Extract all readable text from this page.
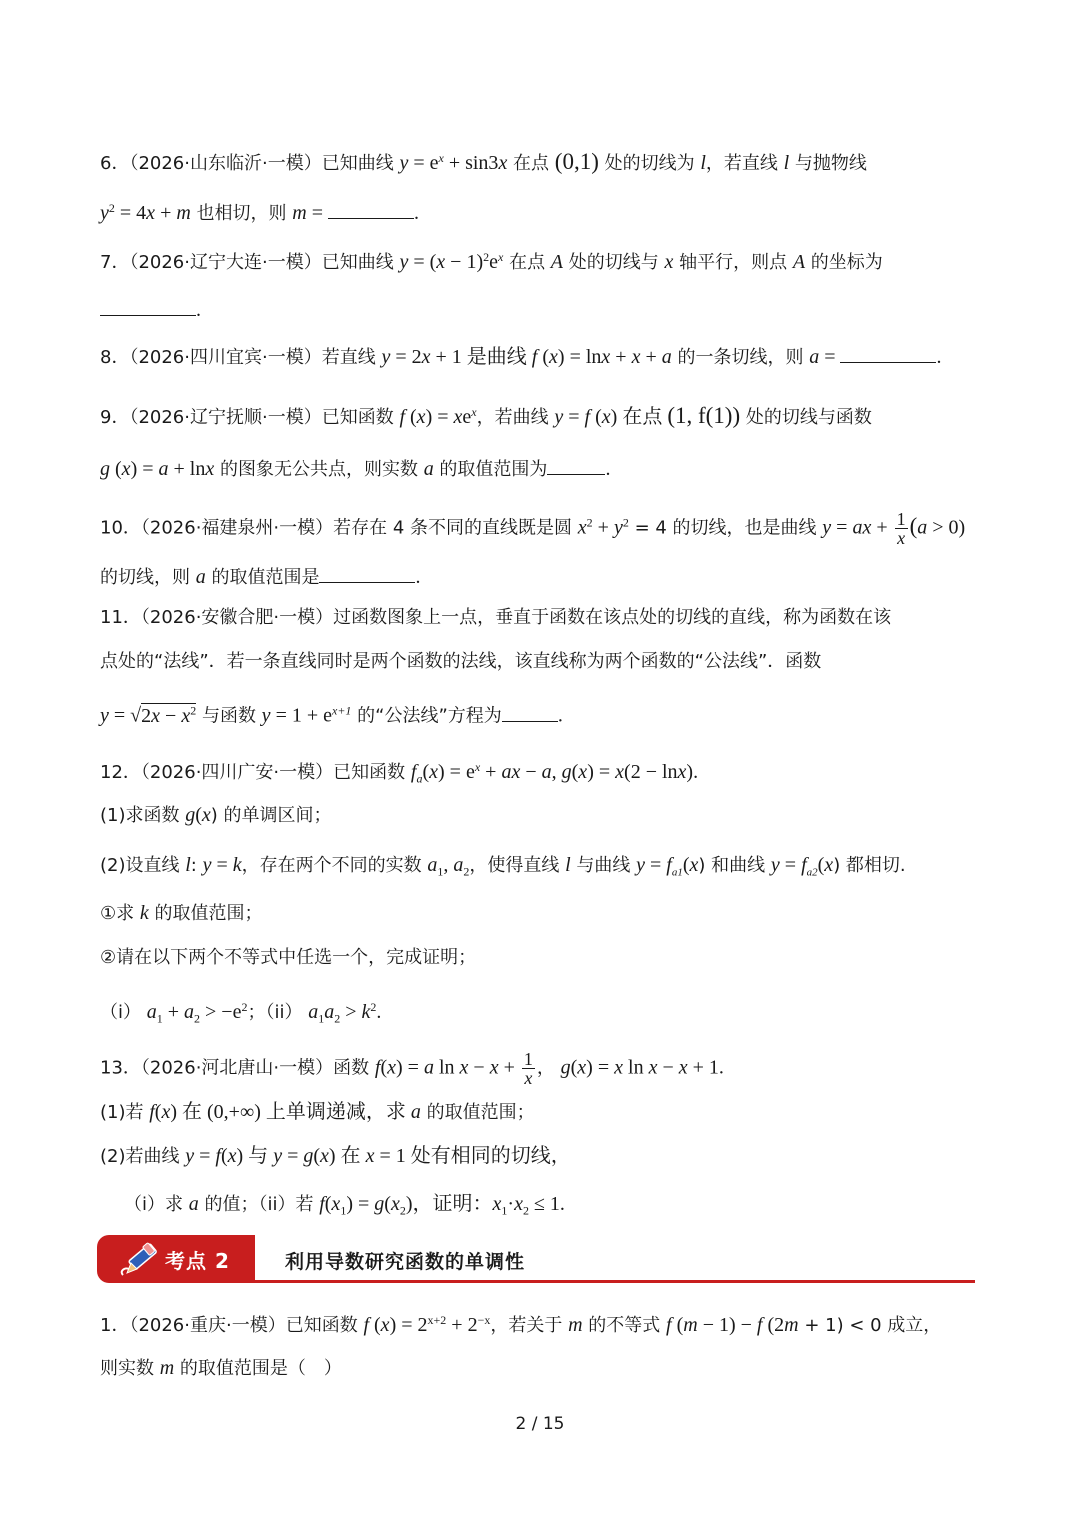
6．（2026·山东临沂·一模）已知曲线 $y = e^x + \sin 3x$ 在点 (0,1) 处的切线为 l，若直线 l 与抛物线
$y^2 = 4x + m$ 也相切，则 m =	.
7．（2026·辽宁大连·一模）已知曲线 $y = (x - 1)^2e^x$ 在点 A 处的切线与 x 轴平行，则点 A 的坐标为
.
8．（2026·四川宜宾·一模）若直线 y = 2x + 1 是曲线 f (x) = lnx + x + a 的一条切线，则 a =	.
9．（2026·辽宁抚顺·一模）已知函数 f $(x) = xe^x$，若曲线 y = f (x) 在点 (1, f(1)) 处的切线与函数
g (x) = a + lnx 的图象无公共点，则实数 a 的取值范围为	.
10．（2026·福建泉州·一模）若存在 4 条不同的直线既是圆 $x^2 + y^2 = 4$ 的切线，也是曲线 y = ax + $\frac{1}{x} (a > 0)$
的切线，则 a 的取值范围是	.
11．（2026·安徽合肥·一模）过函数图象上一点，垂直于函数在该点处的切线的直线，称为函数在该
点处的“法线”．若一条直线同时是两个函数的法线，该直线称为两个函数的“公法线”．函数
$y = √2x - x^2$ 与函数 $y = 1 + e^{x+1}$ 的“公法线”方程为	.
12．（2026·四川广安·一模）已知函数 $f_a(x) = e^x$ + ax − a, g(x) = x(2 − lnx).
(1)求函数 g(x) 的单调区间；
(2)设直线 l: y = k，存在两个不同的实数 $a_1$, $a_2$，使得直线 l 与曲线 $y = f_{a1}(x)$ 和曲线 $y = f_{a2}(x)$ 都相切.
①求 k 的取值范围；
②请在以下两个不等式中任选一个，完成证明；
（i） $a_1 + a_2 > -e^2$；（ii） $a_1a_2 > k^2$.
13．（2026·河北唐山·一模）函数 f(x) = a $\ln x - x + \frac{1}{x}$ ， g(x) = x ln x − x + 1.
(1)若 f(x) 在 (0,+∞) 上单调递减，求 a 的取值范围；
(2)若曲线 y = f(x) 与 y = g(x) 在 x = 1 处有相同的切线，
（i）求 a 的值；（ii）若 $f(x_1) = g(x_2)$，证明：$x_1\cdot x_2 \le 1$.
考点 2	利用导数研究函数的单调性
1．（2026·重庆·一模）已知函数 f $(x) = 2^{x+2} + 2^{-x}$，若关于 m 的不等式 f (m − 1) − f (2m + 1) < 0 成立，
则实数 m 的取值范围是（　）
2 / 15
